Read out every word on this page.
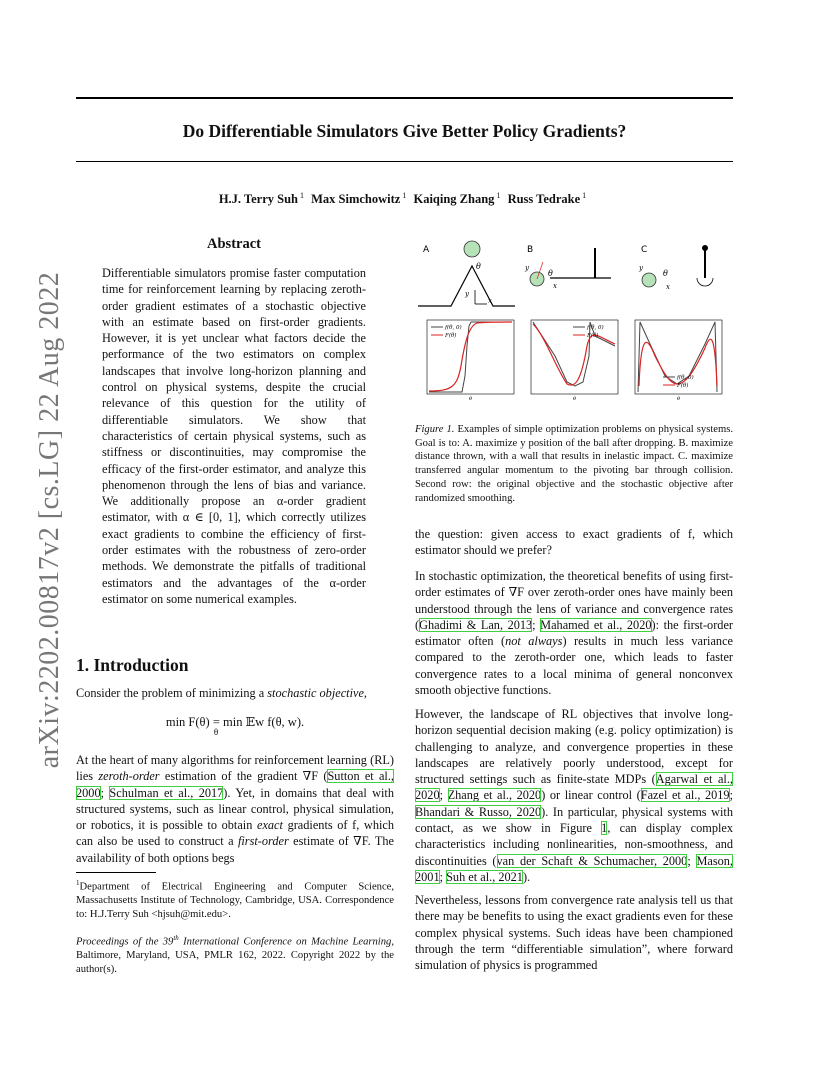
Do Differentiable Simulators Give Better Policy Gradients?
H.J. Terry Suh $^1$ Max Simchowitz $^1$ Kaiqing Zhang $^1$ Russ Tedrake $^1$
arXiv:2202.00817v2 [cs.LG] 22 Aug 2022
Abstract
Differentiable simulators promise faster computation time for reinforcement learning by replacing zeroth-order gradient estimates of a stochastic objective with an estimate based on first-order gradients. However, it is yet unclear what factors decide the performance of the two estimators on complex landscapes that involve long-horizon planning and control on physical systems, despite the crucial relevance of this question for the utility of differentiable simulators. We show that characteristics of certain physical systems, such as stiffness or discontinuities, may compromise the efficacy of the first-order estimator, and analyze this phenomenon through the lens of bias and variance. We additionally propose an α-order gradient estimator, with α ∈ [0, 1], which correctly utilizes exact gradients to combine the efficiency of first-order estimates with the robustness of zero-order methods. We demonstrate the pitfalls of traditional estimators and the advantages of the α-order estimator on some numerical examples.
1. Introduction
Consider the problem of minimizing a stochastic objective,
min F(θ) = min 𝔼w f(θ, w).
θ
At the heart of many algorithms for reinforcement learning (RL) lies zeroth-order estimation of the gradient ∇F (Sutton et al., 2000; Schulman et al., 2017). Yet, in domains that deal with structured systems, such as linear control, physical simulation, or robotics, it is possible to obtain exact gradients of f, which can also be used to construct a first-order estimate of ∇F. The availability of both options begs
$^1$Department of Electrical Engineering and Computer Science, Massachusetts Institute of Technology, Cambridge, USA. Correspondence to: H.J.Terry Suh <hjsuh@mit.edu>.
Proceedings of the 39th International Conference on Machine Learning, Baltimore, Maryland, USA, PMLR 162, 2022. Copyright 2022 by the author(s).
A
θ
y
x
B
y
θ
x
C
y
θ
x
f(θ, 0)
F(θ)
f(θ, 0)
F(θ)
f(θ, 0)
F(θ)
θ	θ	θ
Figure 1. Examples of simple optimization problems on physical systems. Goal is to: A. maximize y position of the ball after dropping. B. maximize distance thrown, with a wall that results in inelastic impact. C. maximize transferred angular momentum to the pivoting bar through collision. Second row: the original objective and the stochastic objective after randomized smoothing.
the question: given access to exact gradients of f, which estimator should we prefer?
In stochastic optimization, the theoretical benefits of using first-order estimates of ∇F over zeroth-order ones have mainly been understood through the lens of variance and convergence rates (Ghadimi & Lan, 2013; Mahamed et al., 2020): the first-order estimator often (not always) results in much less variance compared to the zeroth-order one, which leads to faster convergence rates to a local minima of general nonconvex smooth objective functions.
However, the landscape of RL objectives that involve long-horizon sequential decision making (e.g. policy optimization) is challenging to analyze, and convergence properties in these landscapes are relatively poorly understood, except for structured settings such as finite-state MDPs (Agarwal et al., 2020; Zhang et al., 2020) or linear control (Fazel et al., 2019; Bhandari & Russo, 2020). In particular, physical systems with contact, as we show in Figure 1, can display complex characteristics including nonlinearities, non-smoothness, and discontinuities (van der Schaft & Schumacher, 2000; Mason, 2001; Suh et al., 2021).
Nevertheless, lessons from convergence rate analysis tell us that there may be benefits to using the exact gradients even for these complex physical systems. Such ideas have been championed through the term “differentiable simulation”, where forward simulation of physics is programmed
